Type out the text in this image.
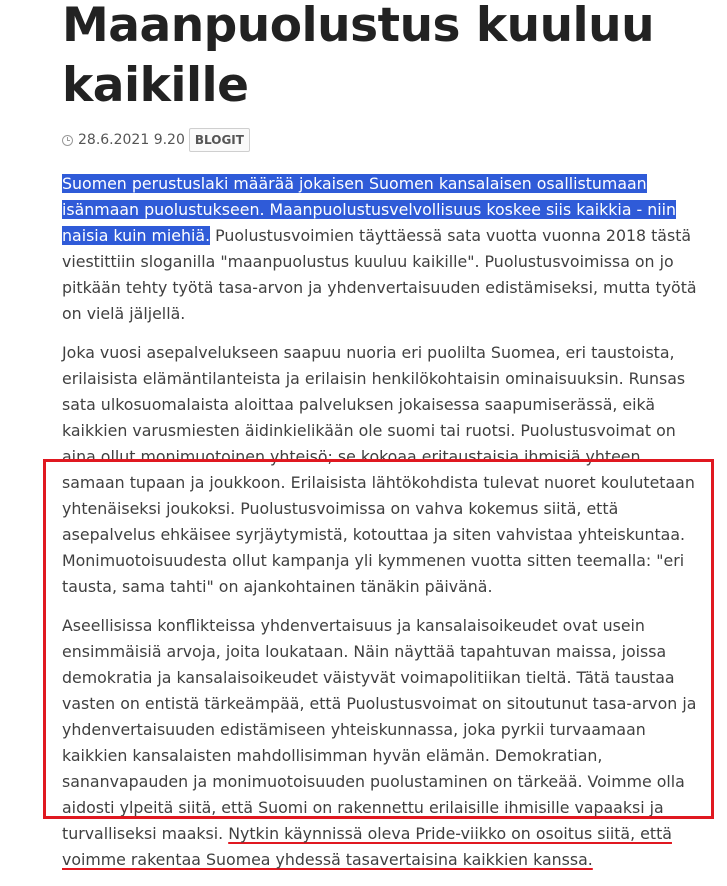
Maanpuolustus kuuluu kaikille
28.6.2021 9.20 BLOGIT

Suomen perustuslaki määrää jokaisen Suomen kansalaisen osallistumaan isänmaan puolustukseen. Maanpuolustusvelvollisuus koskee siis kaikkia - niin naisia kuin miehiä. Puolustusvoimien täyttäessä sata vuotta vuonna 2018 tästä viestittiin sloganilla "maanpuolustus kuuluu kaikille". Puolustusvoimissa on jo pitkään tehty työtä tasa-arvon ja yhdenvertaisuuden edistämiseksi, mutta työtä on vielä jäljellä.

Joka vuosi asepalvelukseen saapuu nuoria eri puolilta Suomea, eri taustoista, erilaisista elämäntilanteista ja erilaisin henkilökohtaisin ominaisuuksin. Runsas sata ulkosuomalaista aloittaa palveluksen jokaisessa saapumiserässä, eikä kaikkien varusmiesten äidinkielikään ole suomi tai ruotsi. Puolustusvoimat on aina ollut monimuotoinen yhteisö; se kokoaa eritaustaisia ihmisiä yhteen samaan tupaan ja joukkoon. Erilaisista lähtökohdista tulevat nuoret koulutetaan yhtenäiseksi joukoksi. Puolustusvoimissa on vahva kokemus siitä, että asepalvelus ehkäisee syrjäytymistä, kotouttaa ja siten vahvistaa yhteiskuntaa. Monimuotoisuudesta ollut kampanja yli kymmenen vuotta sitten teemalla: "eri tausta, sama tahti" on ajankohtainen tänäkin päivänä.

Aseellisissa konflikteissa yhdenvertaisuus ja kansalaisoikeudet ovat usein ensimmäisiä arvoja, joita loukataan. Näin näyttää tapahtuvan maissa, joissa demokratia ja kansalaisoikeudet väistyvät voimapolitiikan tieltä. Tätä taustaa vasten on entistä tärkeämpää, että Puolustusvoimat on sitoutunut tasa-arvon ja yhdenvertaisuuden edistämiseen yhteiskunnassa, joka pyrkii turvaamaan kaikkien kansalaisten mahdollisimman hyvän elämän. Demokratian, sananvapauden ja monimuotoisuuden puolustaminen on tärkeää. Voimme olla aidosti ylpeitä siitä, että Suomi on rakennettu erilaisille ihmisille vapaaksi ja turvalliseksi maaksi. Nytkin käynnissä oleva Pride-viikko on osoitus siitä, että voimme rakentaa Suomea yhdessä tasavertaisina kaikkien kanssa.
